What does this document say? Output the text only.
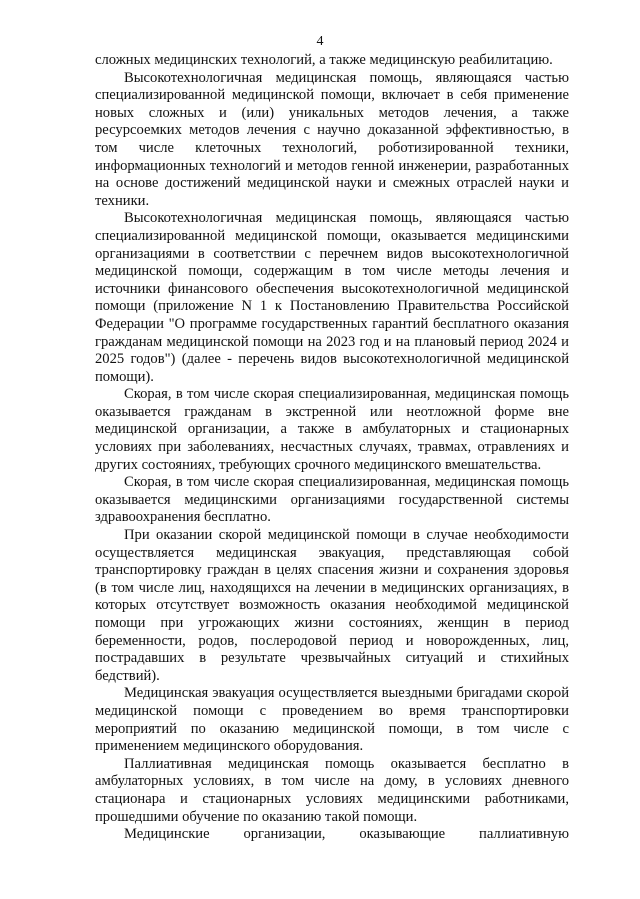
4

сложных медицинских технологий, а также медицинскую реабилитацию.

Высокотехнологичная медицинская помощь, являющаяся частью специализированной медицинской помощи, включает в себя применение новых сложных и (или) уникальных методов лечения, а также ресурсоемких методов лечения с научно доказанной эффективностью, в том числе клеточных технологий, роботизированной техники, информационных технологий и методов генной инженерии, разработанных на основе достижений медицинской науки и смежных отраслей науки и техники.

Высокотехнологичная медицинская помощь, являющаяся частью специализированной медицинской помощи, оказывается медицинскими организациями в соответствии с перечнем видов высокотехнологичной медицинской помощи, содержащим в том числе методы лечения и источники финансового обеспечения высокотехнологичной медицинской помощи (приложение N 1 к Постановлению Правительства Российской Федерации "О программе государственных гарантий бесплатного оказания гражданам медицинской помощи на 2023 год и на плановый период 2024 и 2025 годов") (далее - перечень видов высокотехнологичной медицинской помощи).

Скорая, в том числе скорая специализированная, медицинская помощь оказывается гражданам в экстренной или неотложной форме вне медицинской организации, а также в амбулаторных и стационарных условиях при заболеваниях, несчастных случаях, травмах, отравлениях и других состояниях, требующих срочного медицинского вмешательства.

Скорая, в том числе скорая специализированная, медицинская помощь оказывается медицинскими организациями государственной системы здравоохранения бесплатно.

При оказании скорой медицинской помощи в случае необходимости осуществляется медицинская эвакуация, представляющая собой транспортировку граждан в целях спасения жизни и сохранения здоровья (в том числе лиц, находящихся на лечении в медицинских организациях, в которых отсутствует возможность оказания необходимой медицинской помощи при угрожающих жизни состояниях, женщин в период беременности, родов, послеродовой период и новорожденных, лиц, пострадавших в результате чрезвычайных ситуаций и стихийных бедствий).

Медицинская эвакуация осуществляется выездными бригадами скорой медицинской помощи с проведением во время транспортировки мероприятий по оказанию медицинской помощи, в том числе с применением медицинского оборудования.

Паллиативная медицинская помощь оказывается бесплатно в амбулаторных условиях, в том числе на дому, в условиях дневного стационара и стационарных условиях медицинскими работниками, прошедшими обучение по оказанию такой помощи.

Медицинские организации, оказывающие паллиативную
